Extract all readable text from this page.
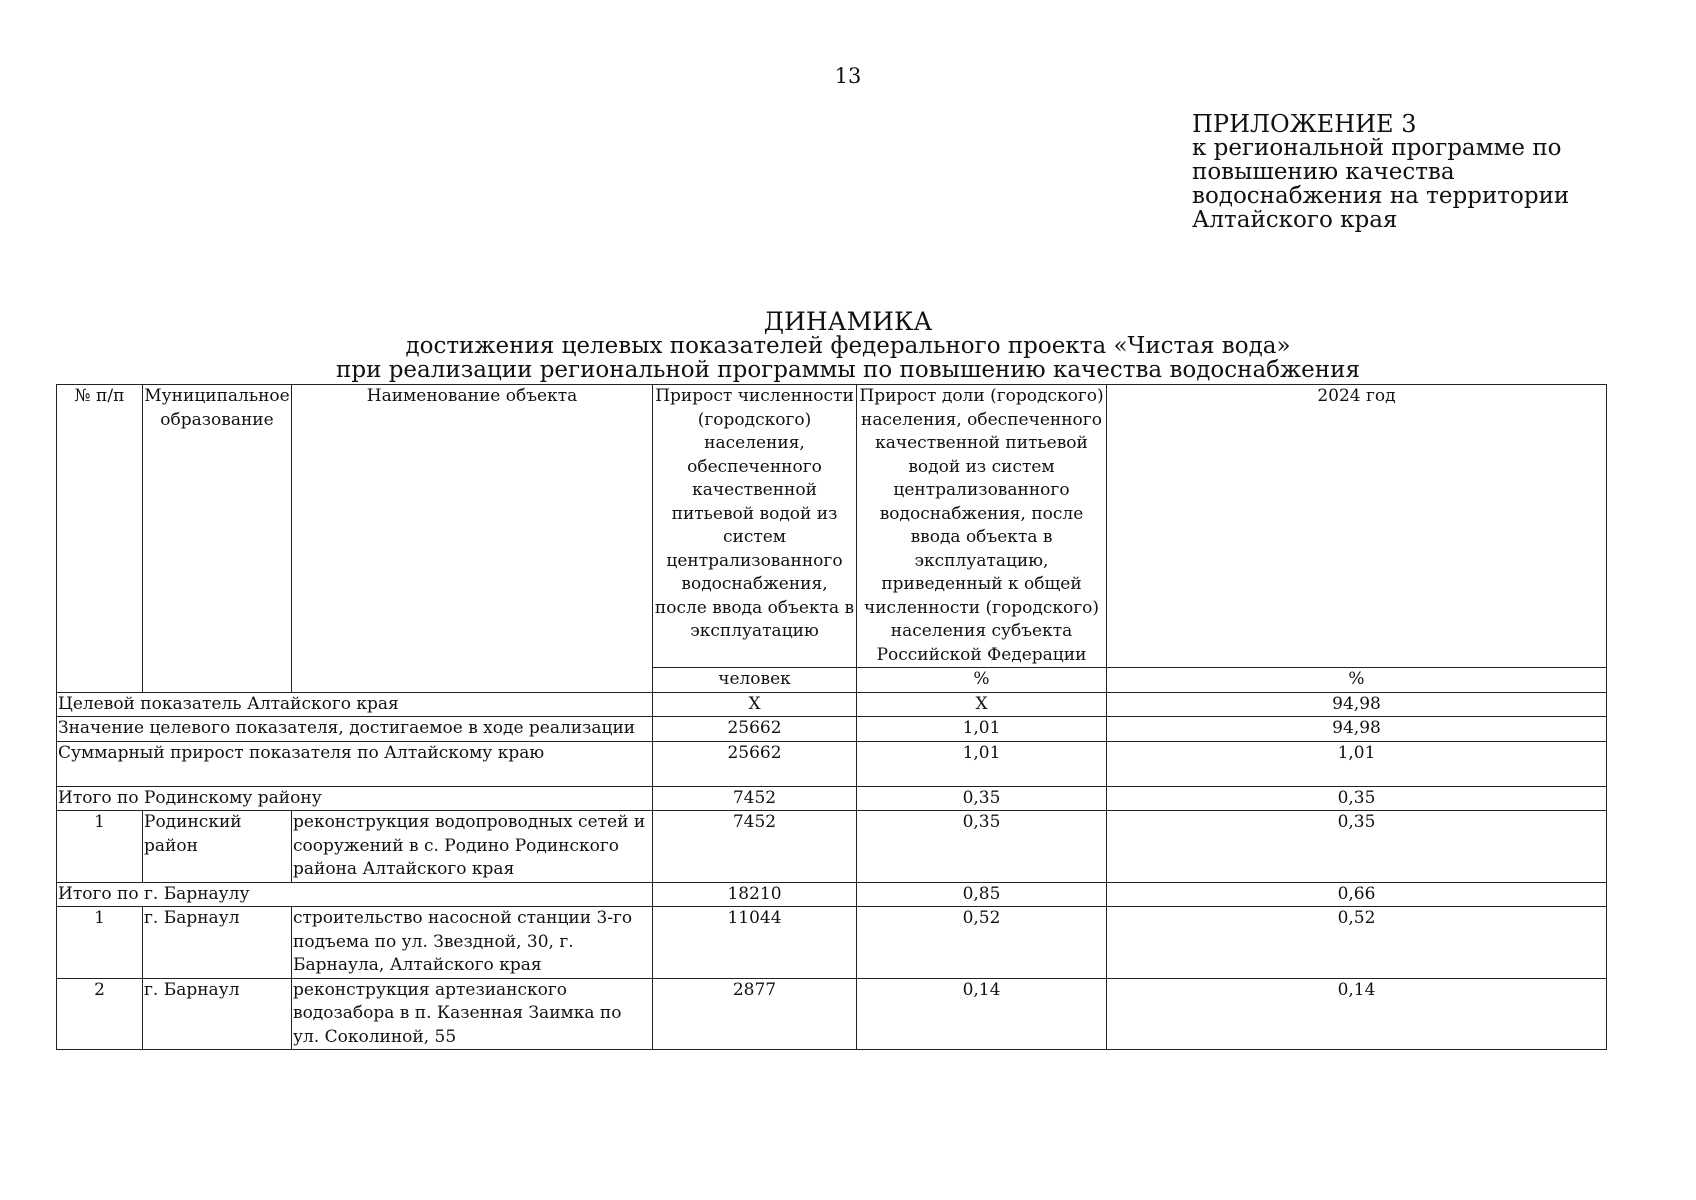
13
ПРИЛОЖЕНИЕ 3
к региональной программе по
повышению качества
водоснабжения на территории
Алтайского края
ДИНАМИКА
достижения целевых показателей федерального проекта «Чистая вода»
при реализации региональной программы по повышению качества водоснабжения
№ п/п	Муниципальное образование	Наименование объекта	Прирост численности (городского) населения, обеспеченного качественной питьевой водой из систем централизованного водоснабжения, после ввода объекта в эксплуатацию	Прирост доли (городского) населения, обеспеченного качественной питьевой водой из систем централизованного водоснабжения, после ввода объекта в эксплуатацию, приведенный к общей численности (городского) населения субъекта Российской Федерации	2024 год
			человек	%	%
Целевой показатель Алтайского края			X	X	94,98
Значение целевого показателя, достигаемое в ходе реализации			25662	1,01	94,98
Суммарный прирост показателя по Алтайскому краю			25662	1,01	1,01
Итого по Родинскому району			7452	0,35	0,35
1	Родинский район	реконструкция водопроводных сетей и сооружений в с. Родино Родинского района Алтайского края	7452	0,35	0,35
Итого по г. Барнаулу			18210	0,85	0,66
1	г. Барнаул	строительство насосной станции 3-го подъема по ул. Звездной, 30, г. Барнаула, Алтайского края	11044	0,52	0,52
2	г. Барнаул	реконструкция артезианского водозабора в п. Казенная Заимка по ул. Соколиной, 55	2877	0,14	0,14
